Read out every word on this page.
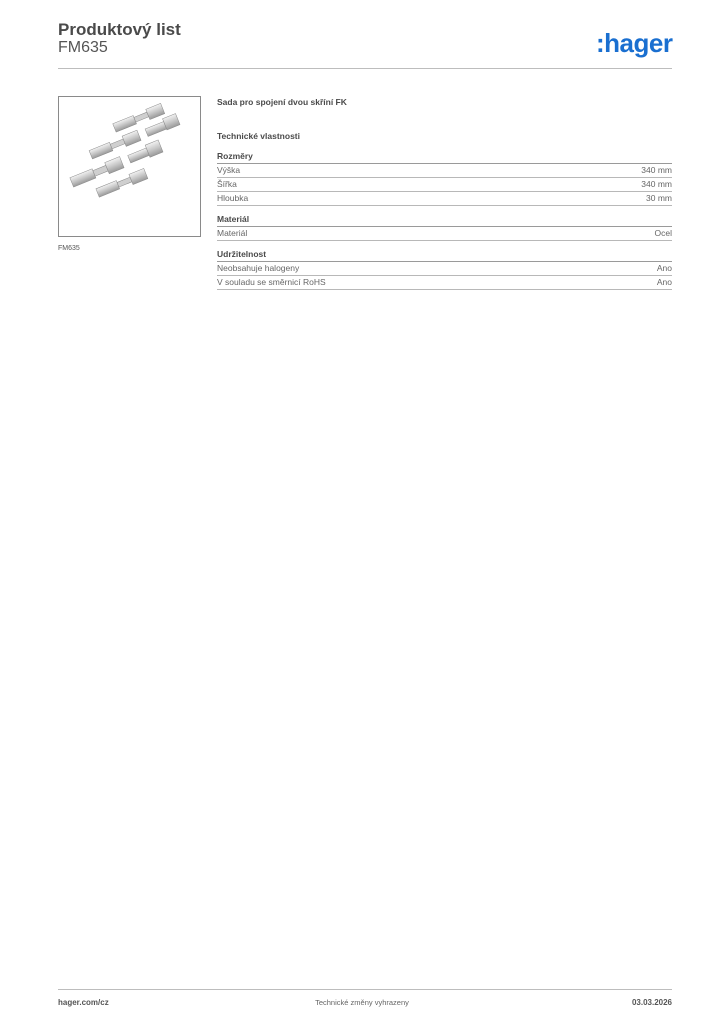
Produktový list
FM635	:hager
FM635
Sada pro spojení dvou skříní FK
Technické vlastnosti
Rozměry
Výška	340 mm
Šířka	340 mm
Hloubka	30 mm
Materiál
Materiál	Ocel
Udržitelnost
Neobsahuje halogeny	Ano
V souladu se směrnicí RoHS	Ano
hager.com/cz	Technické změny vyhrazeny	03.03.2026
